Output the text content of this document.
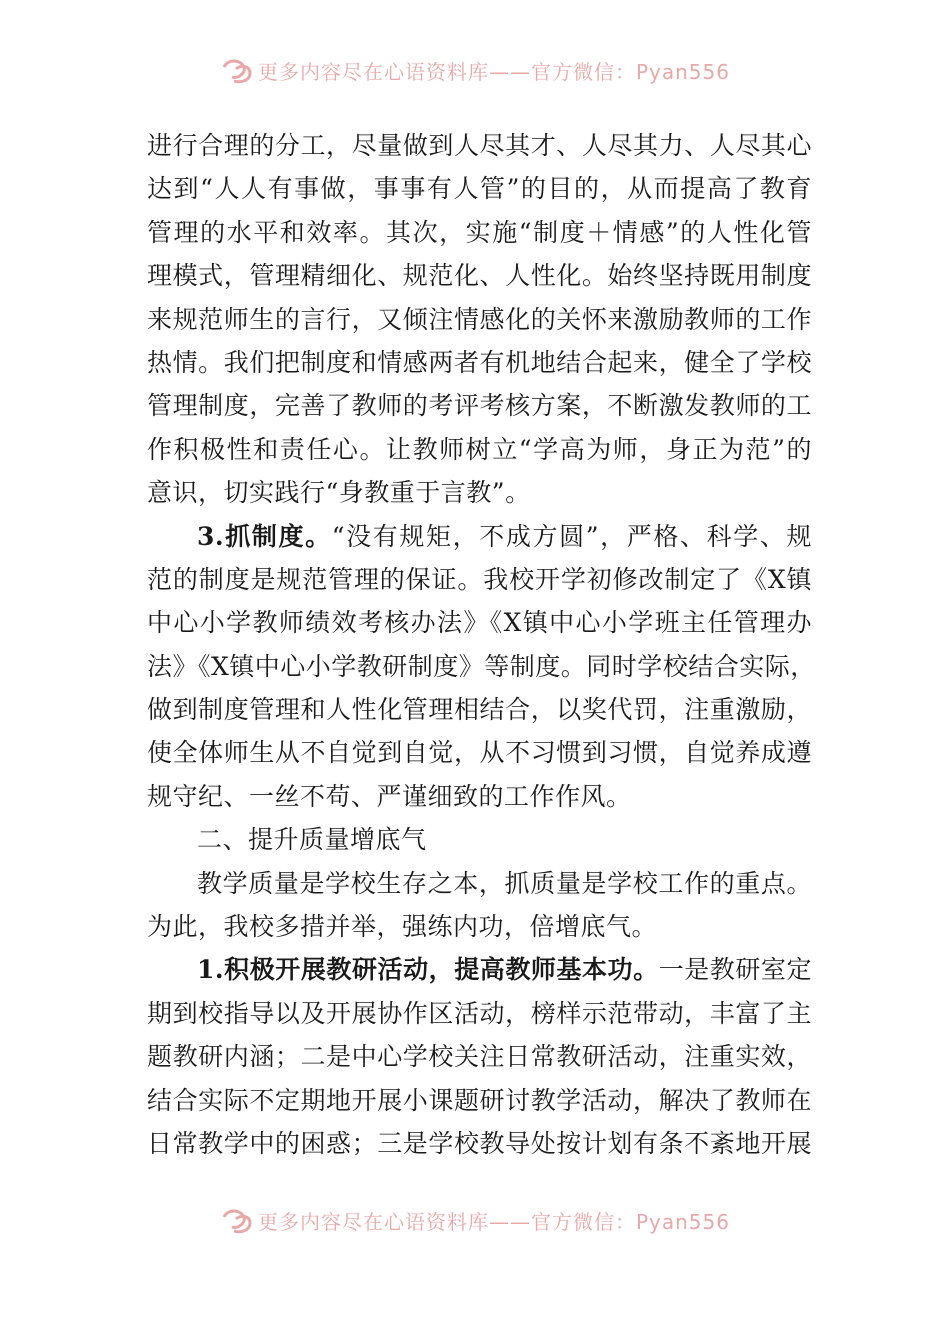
更多内容尽在心语资料库——官方微信：Pyan556
进行合理的分工，尽量做到人尽其才、人尽其力、人尽其心
达到“人人有事做，事事有人管”的目的，从而提高了教育
管理的水平和效率。其次，实施“制度＋情感”的人性化管
理模式，管理精细化、规范化、人性化。始终坚持既用制度
来规范师生的言行，又倾注情感化的关怀来激励教师的工作
热情。我们把制度和情感两者有机地结合起来，健全了学校
管理制度，完善了教师的考评考核方案，不断激发教师的工
作积极性和责任心。让教师树立“学高为师，身正为范”的
意识，切实践行“身教重于言教”。
3.抓制度。“没有规矩，不成方圆”，严格、科学、规
范的制度是规范管理的保证。我校开学初修改制定了《X镇
中心小学教师绩效考核办法》《X镇中心小学班主任管理办
法》《X镇中心小学教研制度》等制度。同时学校结合实际，
做到制度管理和人性化管理相结合，以奖代罚，注重激励，
使全体师生从不自觉到自觉，从不习惯到习惯，自觉养成遵
规守纪、一丝不苟、严谨细致的工作作风。
二、提升质量增底气
教学质量是学校生存之本，抓质量是学校工作的重点。
为此，我校多措并举，强练内功，倍增底气。
1.积极开展教研活动，提高教师基本功。一是教研室定
期到校指导以及开展协作区活动，榜样示范带动，丰富了主
题教研内涵；二是中心学校关注日常教研活动，注重实效，
结合实际不定期地开展小课题研讨教学活动，解决了教师在
日常教学中的困惑；三是学校教导处按计划有条不紊地开展
更多内容尽在心语资料库——官方微信：Pyan556
